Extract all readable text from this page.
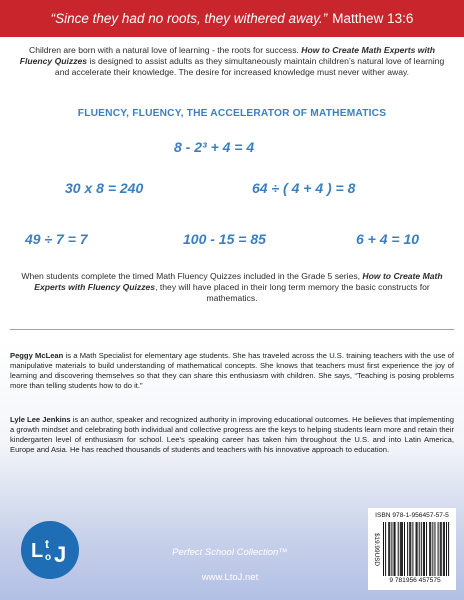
“Since they had no roots, they withered away.” Matthew 13:6
Children are born with a natural love of learning - the roots for success. How to Create Math Experts with Fluency Quizzes is designed to assist adults as they simultaneously maintain children’s natural love of learning and accelerate their knowledge. The desire for increased knowledge must never wither away.
FLUENCY, FLUENCY, THE ACCELERATOR OF MATHEMATICS
8 - 2³ + 4 = 4
30 x 8 = 240	64 ÷ ( 4 + 4 ) = 8
49 ÷ 7 = 7	100 - 15 = 85	6 + 4 = 10
When students complete the timed Math Fluency Quizzes included in the Grade 5 series, How to Create Math Experts with Fluency Quizzes, they will have placed in their long term memory the basic constructs for mathematics.
Peggy McLean is a Math Specialist for elementary age students. She has traveled across the U.S. training teachers with the use of manipulative materials to build understanding of mathematical concepts. She knows that teachers must first experience the joy of learning and discovering themselves so that they can share this enthusiasm with children. She says, “Teaching is posing problems more than telling students how to do it.”
Lyle Lee Jenkins is an author, speaker and recognized authority in improving educational outcomes. He believes that implementing a growth mindset and celebrating both individual and collective progress are the keys to helping students learn more and retain their kindergarten level of enthusiasm for school. Lee’s speaking career has taken him throughout the U.S. and into Latin America, Europe and Asia. He has reached thousands of students and teachers with his innovative approach to education.
L t
o J	Perfect School Collection™
www.LtoJ.net
ISBN 978-1-956457-57-5
$19.99USD
9 781956 457575
